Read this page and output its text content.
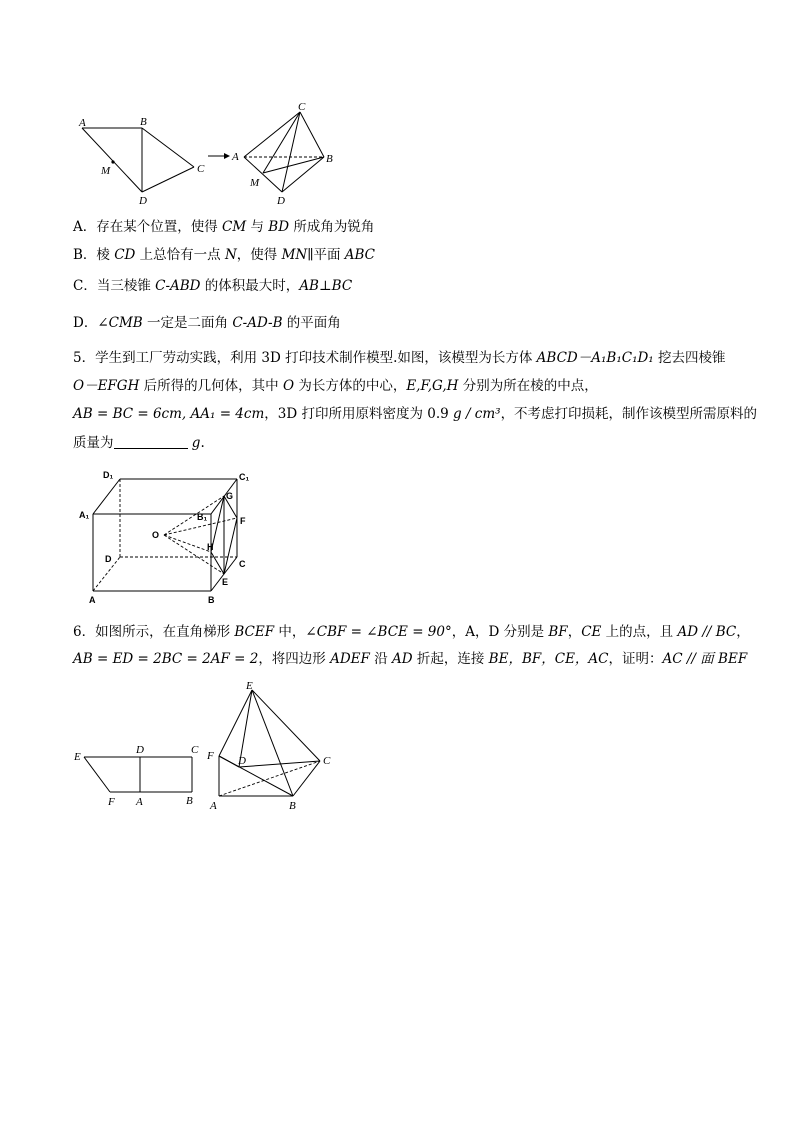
A	B
C
D
M
C
A	B
M
D
A．存在某个位置，使得 CM 与 BD 所成角为锐角
B．棱 CD 上总恰有一点 N，使得 MN∥平面 ABC
C．当三棱锥 C-ABD 的体积最大时，AB⊥BC
D．∠CMB 一定是二面角 C-AD-B 的平面角
5．学生到工厂劳动实践，利用 3D 打印技术制作模型.如图，该模型为长方体 ABCD－A₁B₁C₁D₁ 挖去四棱锥
O－EFGH 后所得的几何体，其中 O 为长方体的中心，E,F,G,H 分别为所在棱的中点，
AB = BC = 6cm, AA₁ = 4cm，3D 打印所用原料密度为 0.9 g / cm³，不考虑打印损耗，制作该模型所需原料的
质量为	g.
D₁	C₁
A₁	B₁
G
F
O
H
D	C
E
A	B
6．如图所示，在直角梯形 BCEF 中，∠CBF = ∠BCE = 90°，A，D 分别是 BF，CE 上的点，且 AD // BC，
AB = ED = 2BC = 2AF = 2，将四边形 ADEF 沿 AD 折起，连接 BE，BF，CE，AC，证明：AC // 面 BEF
E
D	C
F A	B
E
F D	C
A	B
